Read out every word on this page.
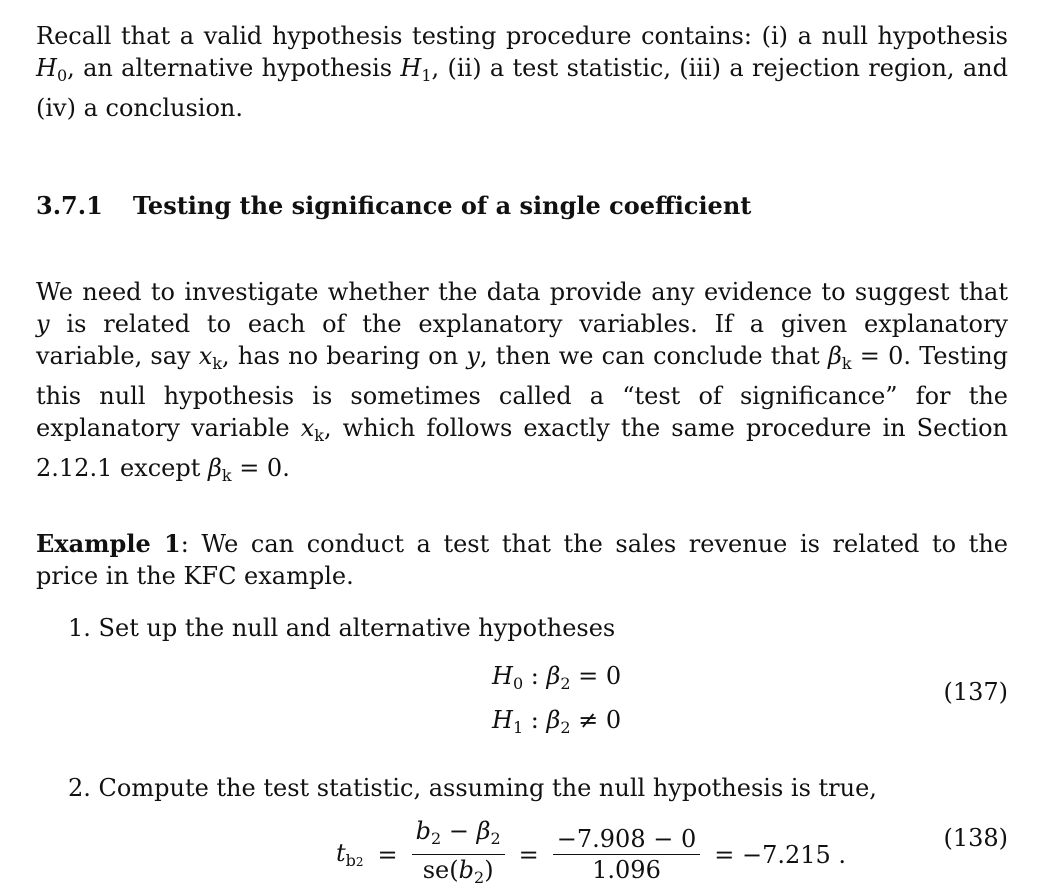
Recall that a valid hypothesis testing procedure contains: (i) a null hypothesis $H_0$, an alternative hypothesis $H_1$, (ii) a test statistic, (iii) a rejection region, and (iv) a conclusion.

3.7.1 Testing the significance of a single coefficient

We need to investigate whether the data provide any evidence to suggest that y is related to each of the explanatory variables. If a given explanatory variable, say $x_k$, has no bearing on y, then we can conclude that $\beta_k = 0$. Testing this null hypothesis is sometimes called a “test of significance” for the explanatory variable $x_k$, which follows exactly the same procedure in Section 2.12.1 except $\beta_k = 0$.

Example 1: We can conduct a test that the sales revenue is related to the price in the KFC example.

1. Set up the null and alternative hypotheses
$H_0$ : $\beta_2 = 0$
$H_1$ : $\beta_2 \ne 0$
(137)
2. Compute the test statistic, assuming the null hypothesis is true,
$t_{b2} = \frac{b_2 - \beta_2}{se(b_2)} = \frac{-7.908 - 0}{1.096} = -7.215$ .
(138)
